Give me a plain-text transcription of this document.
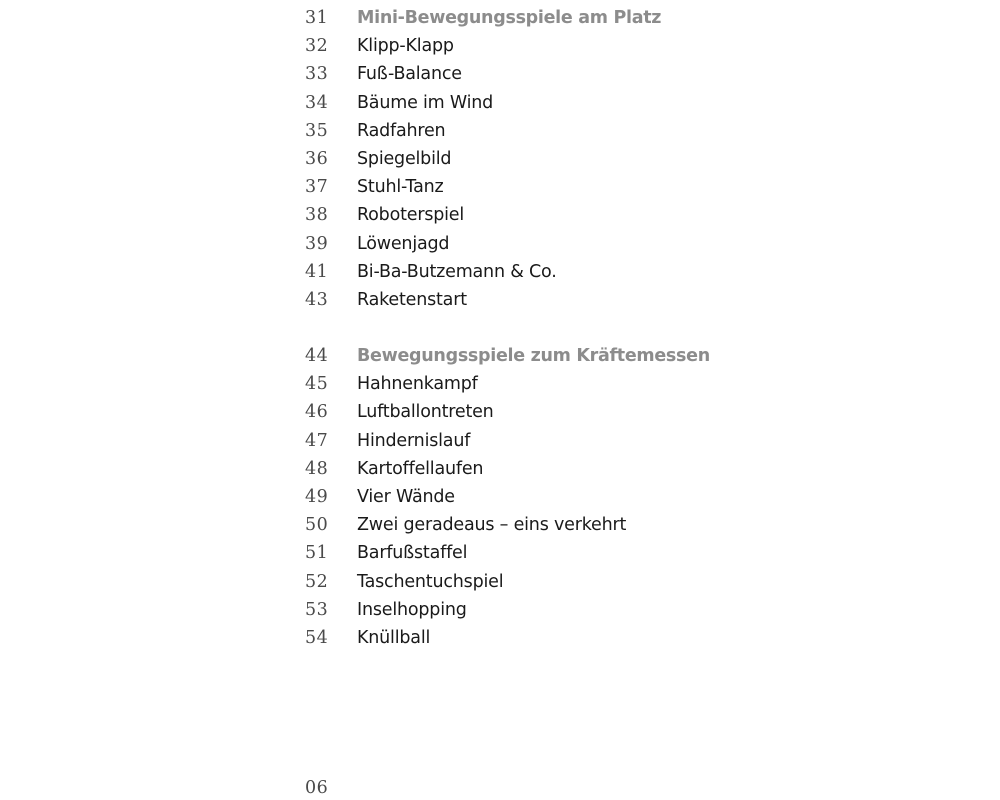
31	Mini-Bewegungsspiele am Platz
32	Klipp-Klapp
33	Fuß-Balance
34	Bäume im Wind
35	Radfahren
36	Spiegelbild
37	Stuhl-Tanz
38	Roboterspiel
39	Löwenjagd
41	Bi-Ba-Butzemann & Co.
43	Raketenstart
44	Bewegungsspiele zum Kräftemessen
45	Hahnenkampf
46	Luftballontreten
47	Hindernislauf
48	Kartoffellaufen
49	Vier Wände
50	Zwei geradeaus – eins verkehrt
51	Barfußstaffel
52	Taschentuchspiel
53	Inselhopping
54	Knüllball
06
